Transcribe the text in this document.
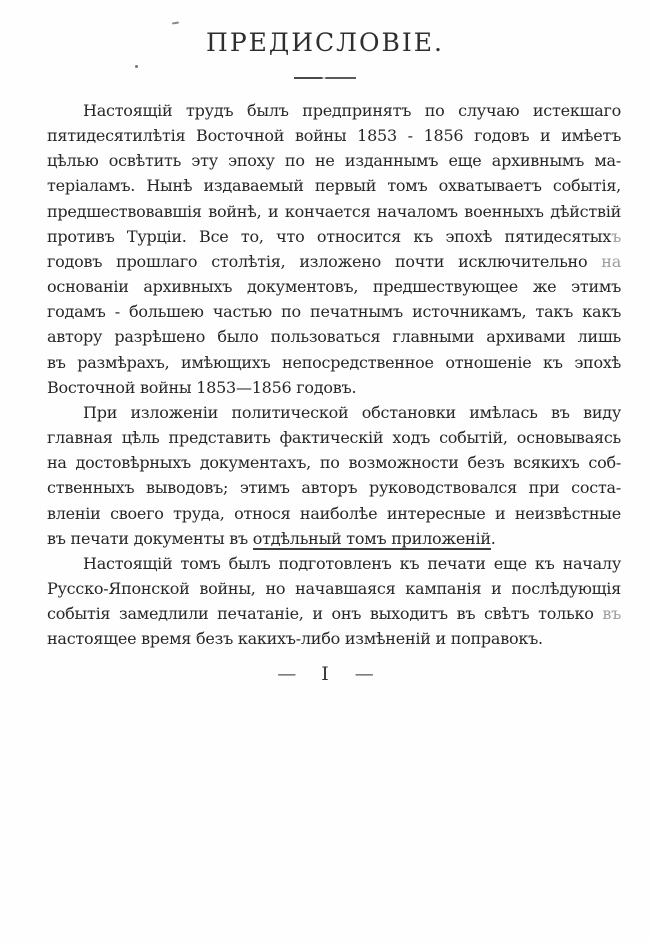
ПРЕДИСЛОВІЕ.
Настоящій трудъ былъ предпринятъ по случаю истекшаго
пятидесятилѣтія Восточной войны 1853 - 1856 годовъ и имѣетъ
цѣлью освѣтить эту эпоху по не изданнымъ еще архивнымъ ма-
теріаламъ. Нынѣ издаваемый первый томъ охватываетъ событія,
предшествовавшія войнѣ, и кончается началомъ военныхъ дѣйствій
противъ Турціи. Все то, что относится къ эпохѣ пятидесятыхъ
годовъ прошлаго столѣтія, изложено почти исключительно на
основаніи архивныхъ документовъ, предшествующее же этимъ
годамъ - большею частью по печатнымъ источникамъ, такъ какъ
автору разрѣшено было пользоваться главными архивами лишь
въ размѣрахъ, имѣющихъ непосредственное отношеніе къ эпохѣ
Восточной войны 1853—1856 годовъ.
При изложеніи политической обстановки имѣлась въ виду
главная цѣль представить фактическій ходъ событій, основываясь
на достовѣрныхъ документахъ, по возможности безъ всякихъ соб-
ственныхъ выводовъ; этимъ авторъ руководствовался при соста-
вленіи своего труда, относя наиболѣе интересные и неизвѣстные
въ печати документы въ отдѣльный томъ приложеній.
Настоящій томъ былъ подготовленъ къ печати еще къ началу
Русско-Японской войны, но начавшаяся кампанія и послѣдующія
событія замедлили печатаніе, и онъ выходитъ въ свѣтъ только въ
настоящее время безъ какихъ-либо измѣненій и поправокъ.
— I —
